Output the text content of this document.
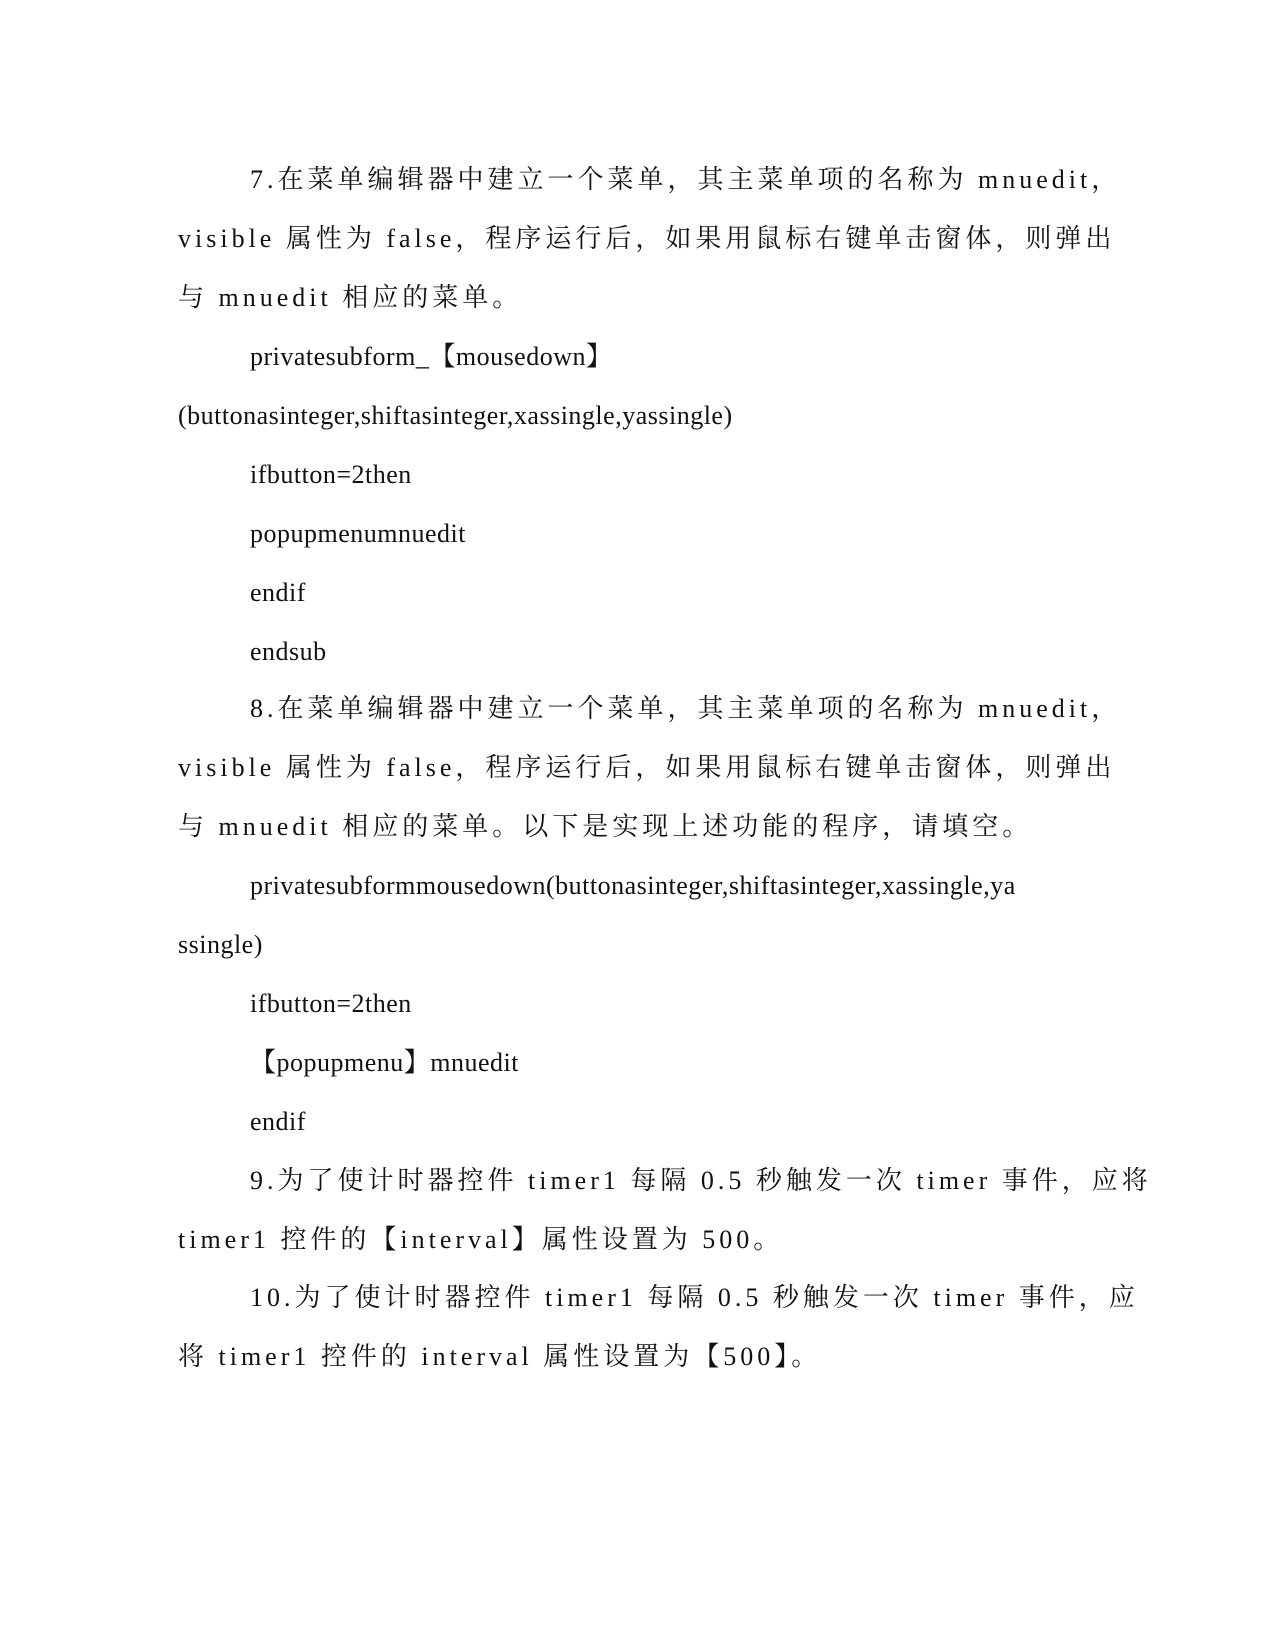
7.在菜单编辑器中建立一个菜单，其主菜单项的名称为 mnuedit，
visible 属性为 false，程序运行后，如果用鼠标右键单击窗体，则弹出
与 mnuedit 相应的菜单。
privatesubform_【mousedown】
(buttonasinteger,shiftasinteger,xassingle,yassingle)
ifbutton=2then
popupmenumnuedit
endif
endsub
8.在菜单编辑器中建立一个菜单，其主菜单项的名称为 mnuedit，
visible 属性为 false，程序运行后，如果用鼠标右键单击窗体，则弹出
与 mnuedit 相应的菜单。以下是实现上述功能的程序，请填空。
privatesubformmousedown(buttonasinteger,shiftasinteger,xassingle,ya
ssingle)
ifbutton=2then
【popupmenu】mnuedit
endif
9.为了使计时器控件 timer1 每隔 0.5 秒触发一次 timer 事件，应将
timer1 控件的【interval】属性设置为 500。
10.为了使计时器控件 timer1 每隔 0.5 秒触发一次 timer 事件，应
将 timer1 控件的 interval 属性设置为【500】。
